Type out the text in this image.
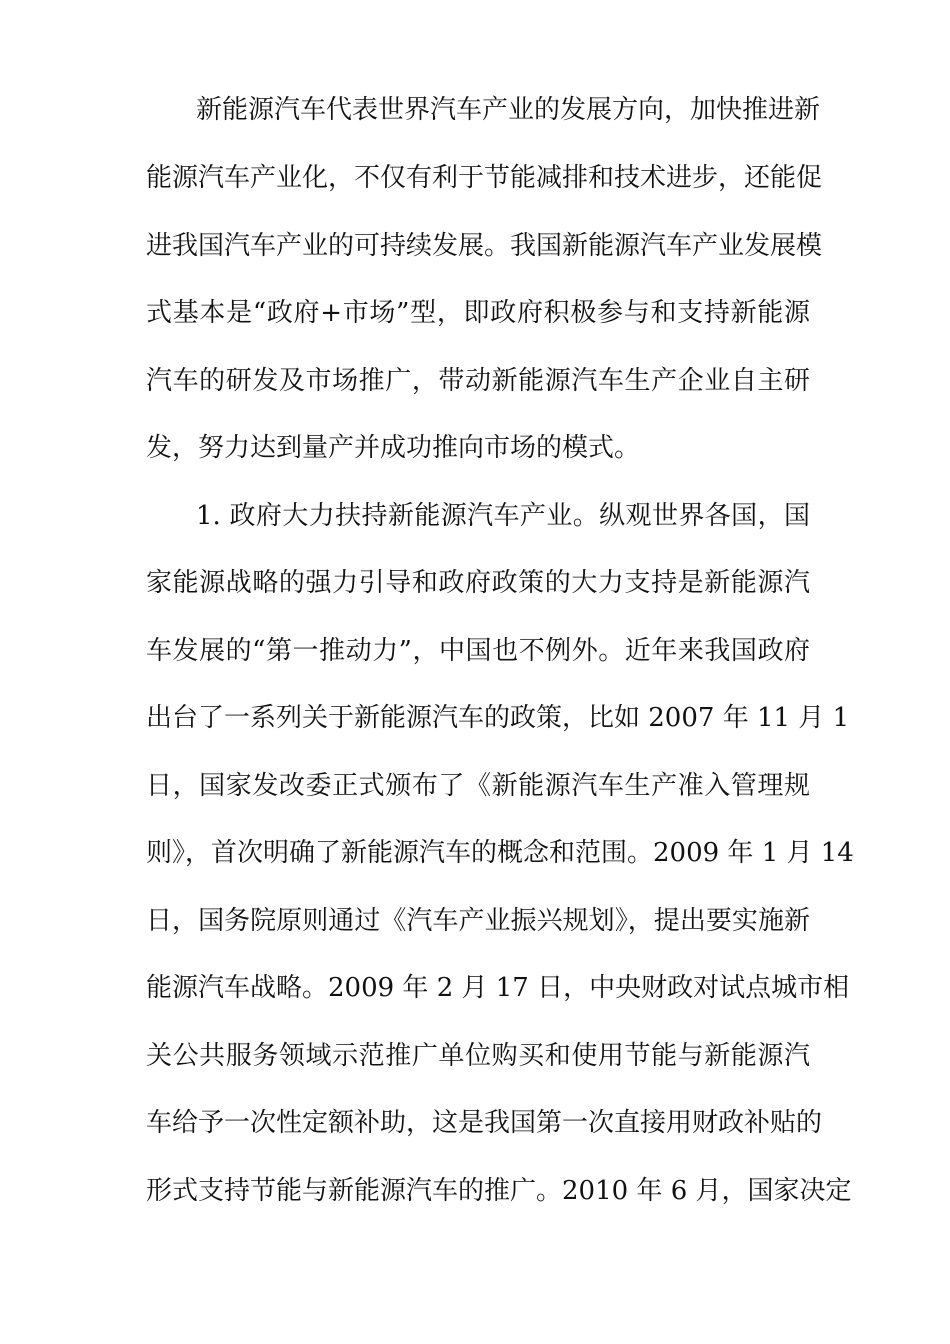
新能源汽车代表世界汽车产业的发展方向，加快推进新
能源汽车产业化，不仅有利于节能减排和技术进步，还能促
进我国汽车产业的可持续发展。我国新能源汽车产业发展模
式基本是“政府+市场”型，即政府积极参与和支持新能源
汽车的研发及市场推广，带动新能源汽车生产企业自主研
发，努力达到量产并成功推向市场的模式。
1. 政府大力扶持新能源汽车产业。纵观世界各国，国
家能源战略的强力引导和政府政策的大力支持是新能源汽
车发展的“第一推动力”，中国也不例外。近年来我国政府
出台了一系列关于新能源汽车的政策，比如 2007 年 11 月 1
日，国家发改委正式颁布了《新能源汽车生产准入管理规
则》，首次明确了新能源汽车的概念和范围。2009 年 1 月 14
日，国务院原则通过《汽车产业振兴规划》，提出要实施新
能源汽车战略。2009 年 2 月 17 日，中央财政对试点城市相
关公共服务领域示范推广单位购买和使用节能与新能源汽
车给予一次性定额补助，这是我国第一次直接用财政补贴的
形式支持节能与新能源汽车的推广。2010 年 6 月，国家决定
